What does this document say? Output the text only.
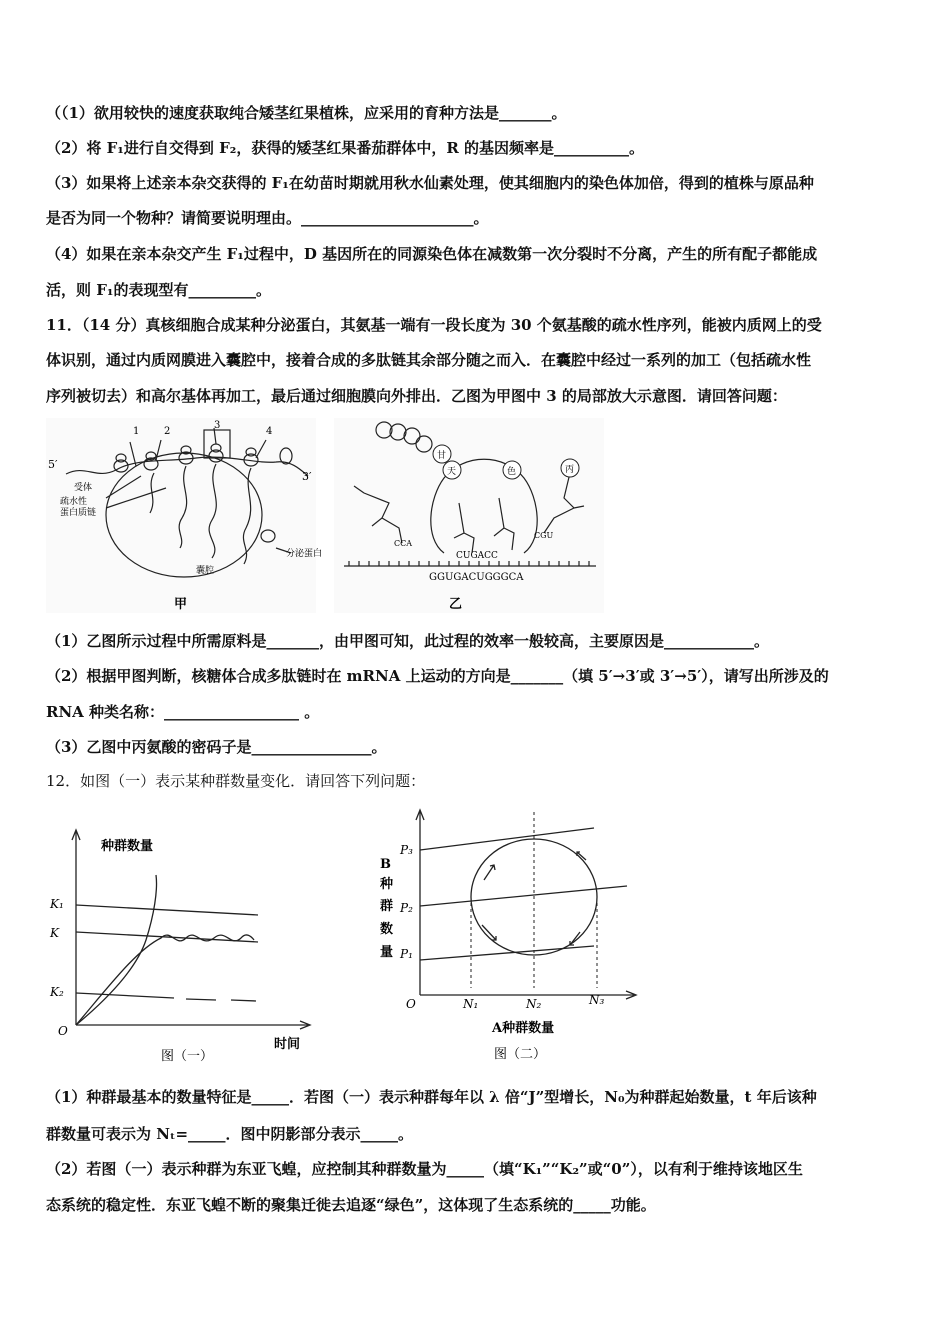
（（1）欲用较快的速度获取纯合矮茎红果植株，应采用的育种方法是_______。
（2）将 F₁进行自交得到 F₂，获得的矮茎红果番茄群体中，R 的基因频率是__________。
（3）如果将上述亲本杂交获得的 F₁在幼苗时期就用秋水仙素处理，使其细胞内的染色体加倍，得到的植株与原品种
是否为同一个物种？请简要说明理由。_______________________。
（4）如果在亲本杂交产生 F₁过程中，D 基因所在的同源染色体在减数第一次分裂时不分离，产生的所有配子都能成
活，则 F₁的表现型有_________。
11．（14 分）真核细胞合成某种分泌蛋白，其氨基一端有一段长度为 30 个氨基酸的疏水性序列，能被内质网上的受
体识别，通过内质网膜进入囊腔中，接着合成的多肽链其余部分随之而入．在囊腔中经过一系列的加工（包括疏水性
序列被切去）和高尔基体再加工，最后通过细胞膜向外排出．乙图为甲图中 3 的局部放大示意图．请回答问题：
1 2
3
4
5′
3′
受体
疏水性
蛋白质链
分泌蛋白
囊腔
甲
甘
天	色	丙
CCA
CUGACC
CGU
GGUGACUGGGCA
乙
（1）乙图所示过程中所需原料是_______，由甲图可知，此过程的效率一般较高，主要原因是____________。
（2）根据甲图判断，核糖体合成多肽链时在 mRNA 上运动的方向是_______（填 5′→3′或 3′→5′），请写出所涉及的
RNA 种类名称：__________________ 。
（3）乙图中丙氨酸的密码子是________________。
12．如图（一）表示某种群数量变化．请回答下列问题：
种群数量
K₁
K
K₂
O
图（一）
时间
B
种
群
数
量
P₃
P₂
P₁
O	N₁	N₂	N₃
A种群数量
图（二）
（1）种群最基本的数量特征是_____．若图（一）表示种群每年以 λ 倍“J”型增长，N₀为种群起始数量，t 年后该种
群数量可表示为 Nₜ=_____．图中阴影部分表示_____。
（2）若图（一）表示种群为东亚飞蝗，应控制其种群数量为_____（填“K₁”“K₂”或“0”），以有利于维持该地区生
态系统的稳定性．东亚飞蝗不断的聚集迁徙去追逐“绿色”，这体现了生态系统的_____功能。
